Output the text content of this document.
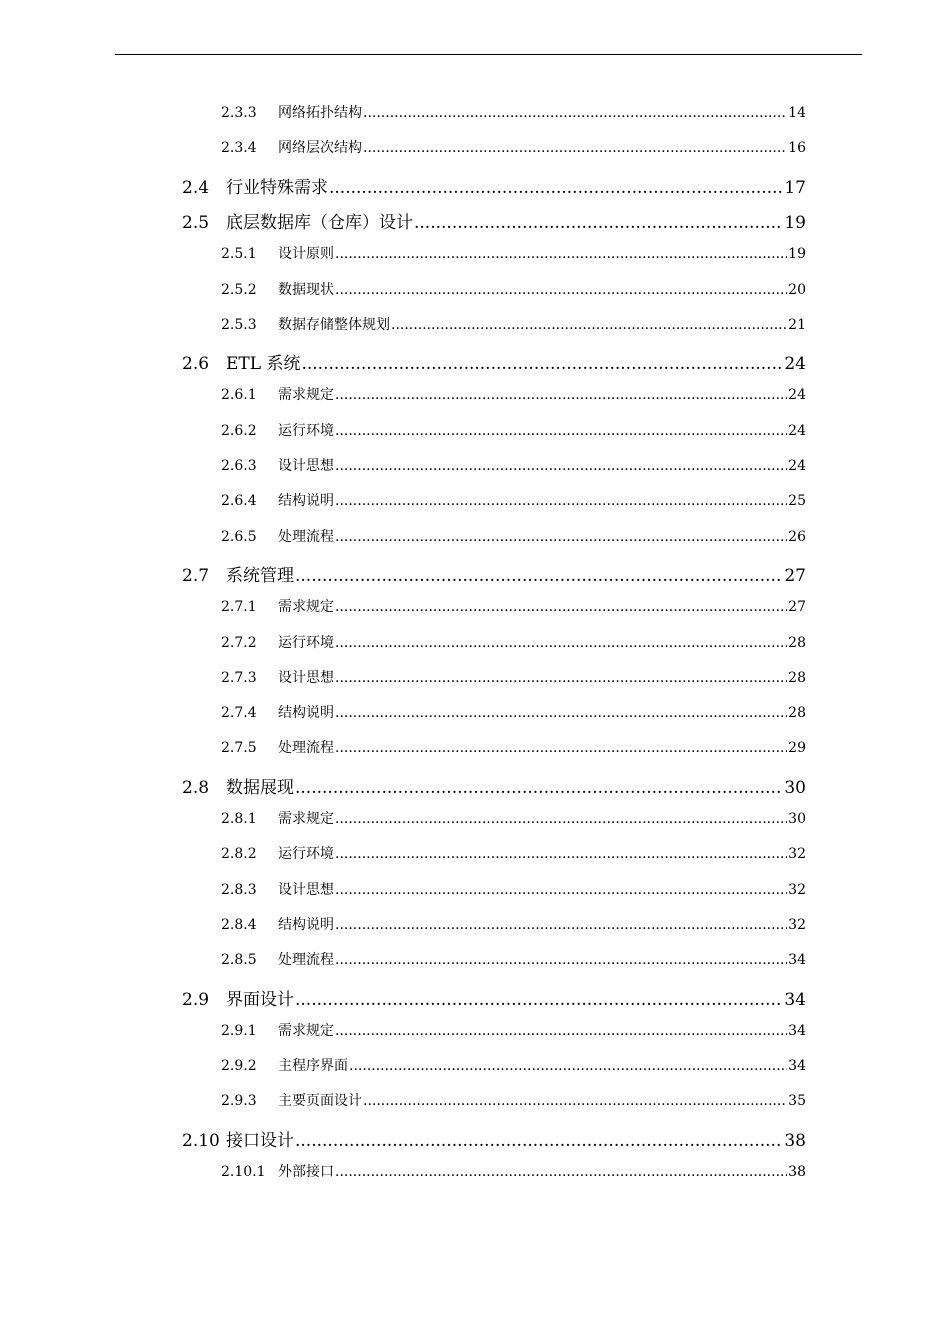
2.3.3	网络拓扑结构 .....	14
2.3.4	网络层次结构 .....	16
2.4 行业特殊需求 .....	17
2.5 底层数据库（仓库）设计 .....	19
2.5.1	设计原则 .....	19
2.5.2	数据现状 .....	20
2.5.3	数据存储整体规划 .....	21
2.6 ETL 系统 .....	24
2.6.1	需求规定 .....	24
2.6.2	运行环境 .....	24
2.6.3	设计思想 .....	24
2.6.4	结构说明 .....	25
2.6.5	处理流程 .....	26
2.7 系统管理 .....	27
2.7.1	需求规定 .....	27
2.7.2	运行环境 .....	28
2.7.3	设计思想 .....	28
2.7.4	结构说明 .....	28
2.7.5	处理流程 .....	29
2.8 数据展现 .....	30
2.8.1	需求规定 .....	30
2.8.2	运行环境 .....	32
2.8.3	设计思想 .....	32
2.8.4	结构说明 .....	32
2.8.5	处理流程 .....	34
2.9 界面设计 .....	34
2.9.1	需求规定 .....	34
2.9.2	主程序界面 .....	34
2.9.3	主要页面设计 .....	35
2.10 接口设计 .....	38
2.10.1 外部接口 .....	38
